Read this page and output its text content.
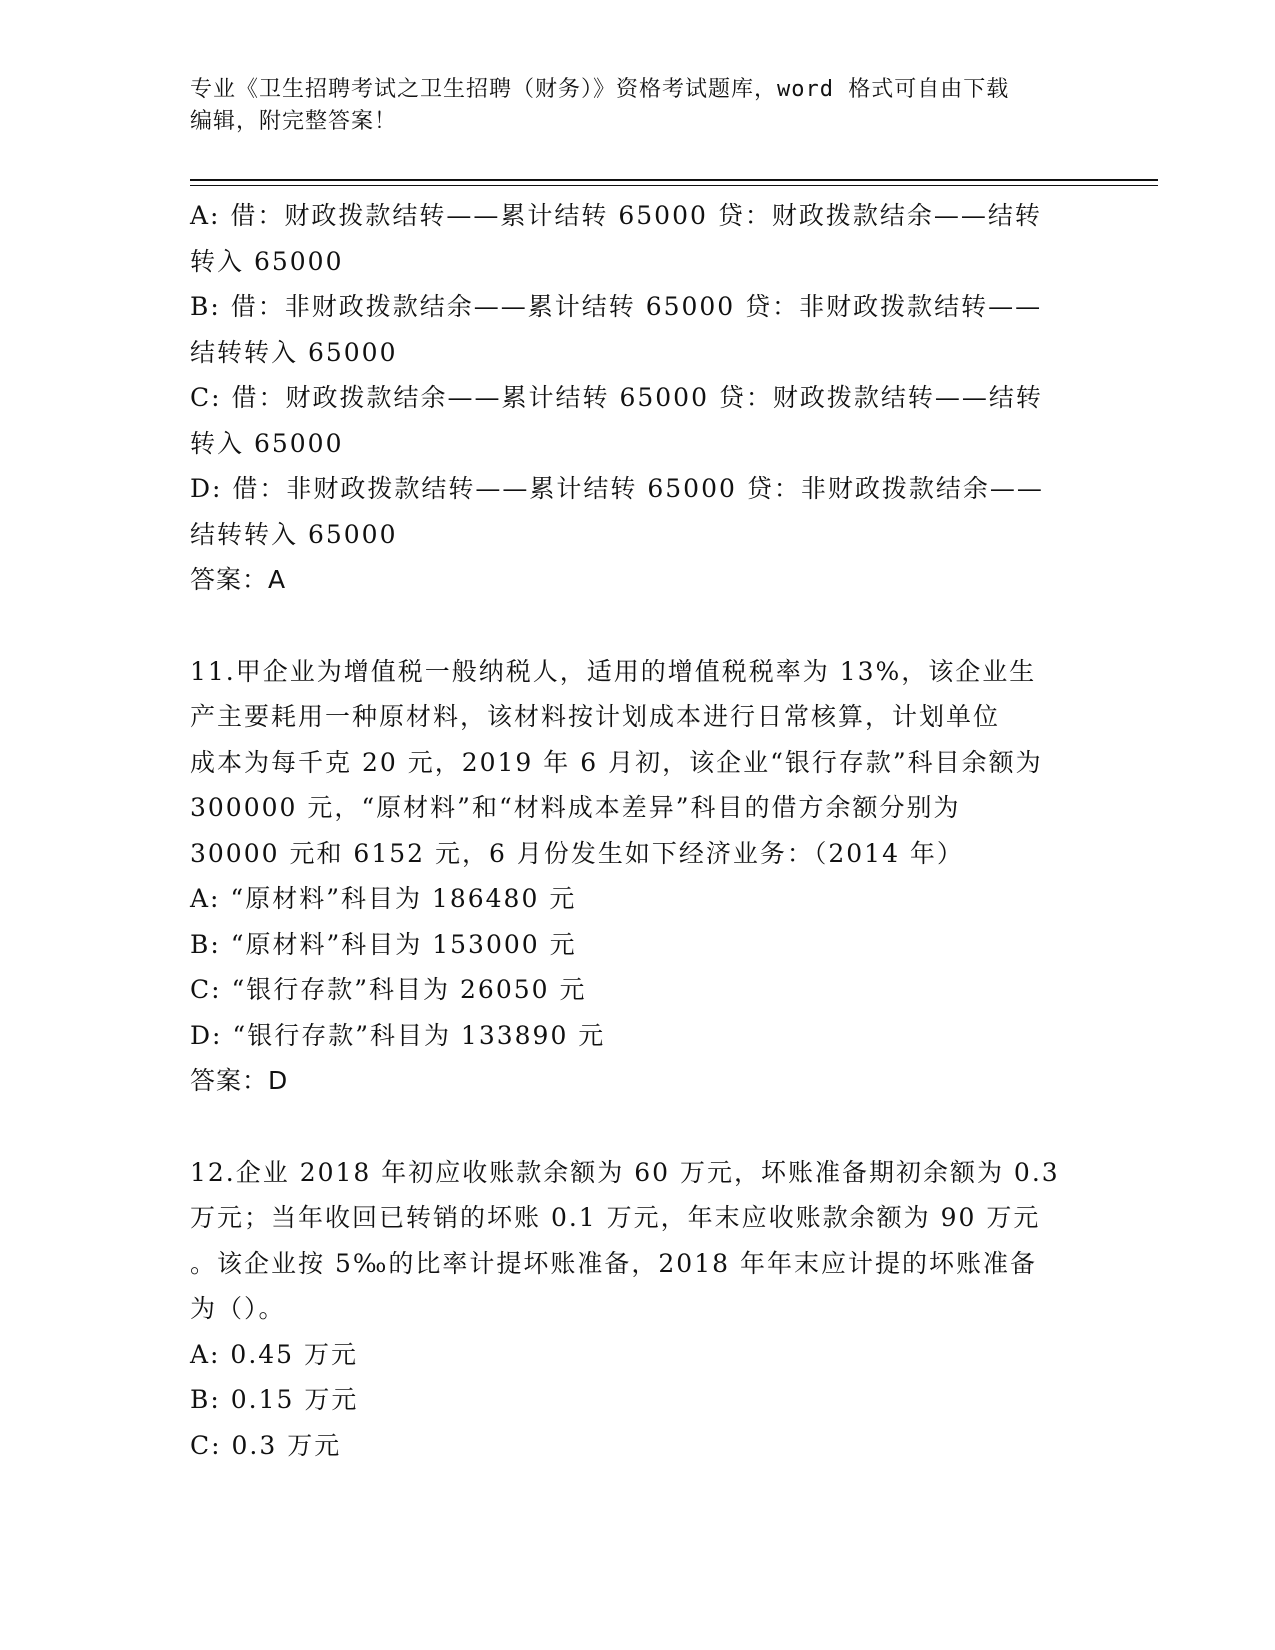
专业《卫生招聘考试之卫生招聘（财务）》资格考试题库，word 格式可自由下载
编辑，附完整答案！
A: 借：财政拨款结转——累计结转 65000 贷：财政拨款结余——结转
转入 65000
B: 借：非财政拨款结余——累计结转 65000 贷：非财政拨款结转——
结转转入 65000
C: 借：财政拨款结余——累计结转 65000 贷：财政拨款结转——结转
转入 65000
D: 借：非财政拨款结转——累计结转 65000 贷：非财政拨款结余——
结转转入 65000
答案：A
11.甲企业为增值税一般纳税人，适用的增值税税率为 13%，该企业生
产主要耗用一种原材料，该材料按计划成本进行日常核算，计划单位
成本为每千克 20 元，2019 年 6 月初，该企业“银行存款”科目余额为
300000 元，“原材料”和“材料成本差异”科目的借方余额分别为
30000 元和 6152 元，6 月份发生如下经济业务：（2014 年）
A: “原材料”科目为 186480 元
B: “原材料”科目为 153000 元
C: “银行存款”科目为 26050 元
D: “银行存款”科目为 133890 元
答案：D
12.企业 2018 年初应收账款余额为 60 万元，坏账准备期初余额为 0.3
万元；当年收回已转销的坏账 0.1 万元，年末应收账款余额为 90 万元
。该企业按 5‰的比率计提坏账准备，2018 年年末应计提的坏账准备
为（）。
A: 0.45 万元
B: 0.15 万元
C: 0.3 万元
